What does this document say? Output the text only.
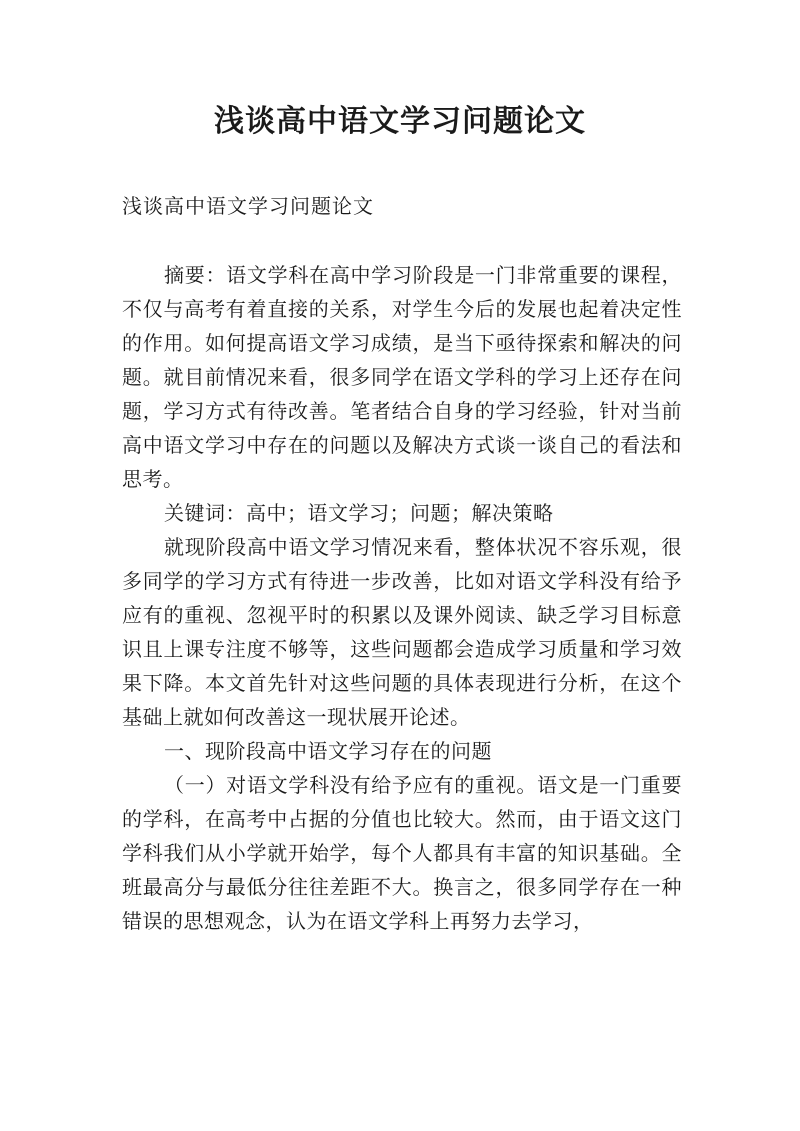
浅谈高中语文学习问题论文
浅谈高中语文学习问题论文

摘要：语文学科在高中学习阶段是一门非常重要的课程，不仅与高考有着直接的关系，对学生今后的发展也起着决定性的作用。如何提高语文学习成绩，是当下亟待探索和解决的问题。就目前情况来看，很多同学在语文学科的学习上还存在问题，学习方式有待改善。笔者结合自身的学习经验，针对当前高中语文学习中存在的问题以及解决方式谈一谈自己的看法和思考。

关键词：高中；语文学习；问题；解决策略

就现阶段高中语文学习情况来看，整体状况不容乐观，很多同学的学习方式有待进一步改善，比如对语文学科没有给予应有的重视、忽视平时的积累以及课外阅读、缺乏学习目标意识且上课专注度不够等，这些问题都会造成学习质量和学习效果下降。本文首先针对这些问题的具体表现进行分析，在这个基础上就如何改善这一现状展开论述。

一、现阶段高中语文学习存在的问题

（一）对语文学科没有给予应有的重视。语文是一门重要的学科，在高考中占据的分值也比较大。然而，由于语文这门学科我们从小学就开始学，每个人都具有丰富的知识基础。全班最高分与最低分往往差距不大。换言之，很多同学存在一种错误的思想观念，认为在语文学科上再努力去学习，
